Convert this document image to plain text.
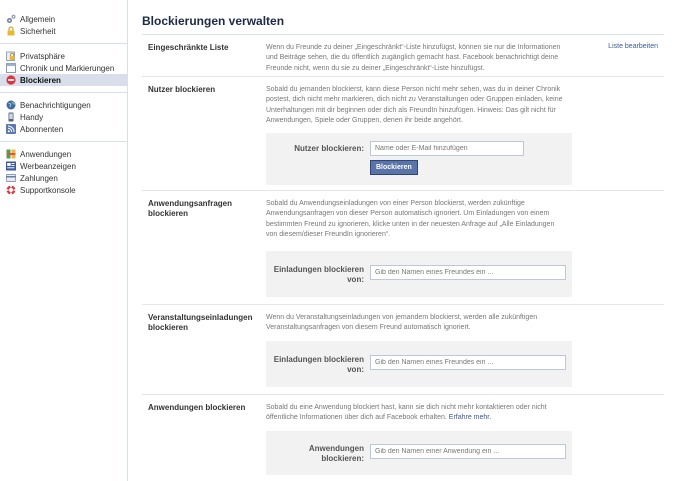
Allgemein
Sicherheit
Privatsphäre
Chronik und Markierungen
Blockieren
Benachrichtigungen
Handy
Abonnenten
Anwendungen
Werbeanzeigen
Zahlungen
Supportkonsole
Blockierungen verwalten
Eingeschränkte Liste	Wenn du Freunde zu deiner „Eingeschränkt“-Liste hinzufügst, können sie nur die Informationen und Beiträge sehen, die du öffentlich zugänglich gemacht hast. Facebook benachrichtigt deine Freunde nicht, wenn du sie zu deiner „Eingeschränkt“-Liste hinzufügst.
Liste bearbeiten
Nutzer blockieren	Sobald du jemanden blockierst, kann diese Person nicht mehr sehen, was du in deiner Chronik postest, dich nicht mehr markieren, dich nicht zu Veranstaltungen oder Gruppen einladen, keine Unterhaltungen mit dir beginnen oder dich als FreundIn hinzufügen. Hinweis: Das gilt nicht für Anwendungen, Spiele oder Gruppen, denen ihr beide angehört.
Nutzer blockieren:
Name oder E-Mail hinzufügen
Blockieren
Anwendungsanfragen blockieren
Sobald du Anwendungseinladungen von einer Person blockierst, werden zukünftige Anwendungsanfragen von dieser Person automatisch ignoriert. Um Einladungen von einem bestimmten Freund zu ignorieren, klicke unten in der neuesten Anfrage auf „Alle Einladungen von diesem/dieser FreundIn ignorieren“.
Einladungen blockieren
von:
Gib den Namen eines Freundes ein ...
Veranstaltungseinladungen blockieren
Wenn du Veranstaltungseinladungen von jemandem blockierst, werden alle zukünftigen Veranstaltungsanfragen von diesem Freund automatisch ignoriert.
Einladungen blockieren
von:
Gib den Namen eines Freundes ein ...
Anwendungen blockieren	Sobald du eine Anwendung blockiert hast, kann sie dich nicht mehr kontaktieren oder nicht öffentliche Informationen über dich auf Facebook erhalten. Erfahre mehr.
Anwendungen
blockieren:
Gib den Namen einer Anwendung ein ...
